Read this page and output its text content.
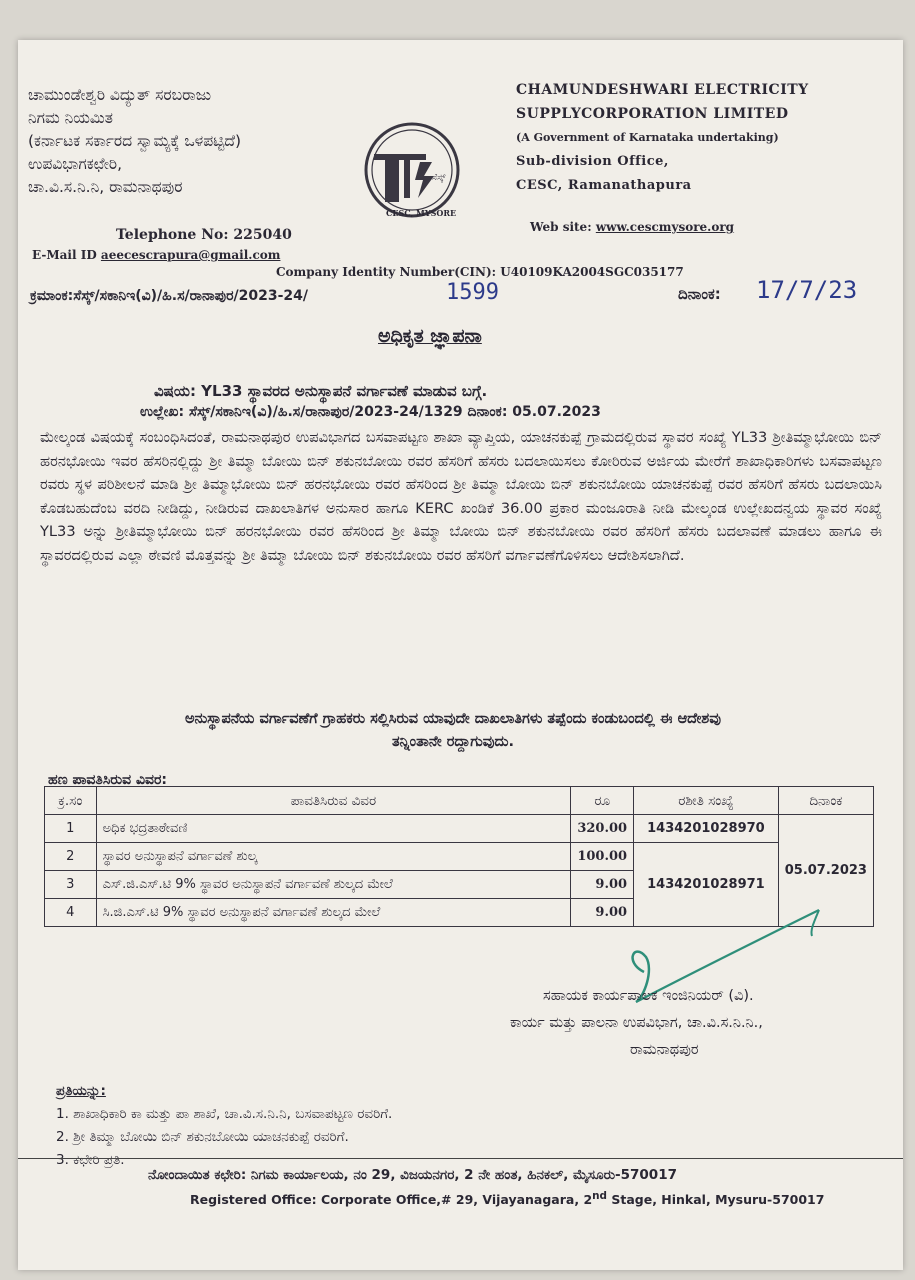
ಚಾಮುಂಡೇಶ್ವರಿ ವಿದ್ಯುತ್ ಸರಬರಾಜು
ನಿಗಮ ನಿಯಮಿತ
(ಕರ್ನಾಟಕ ಸರ್ಕಾರದ ಸ್ವಾಮ್ಯಕ್ಕೆ ಒಳಪಟ್ಟಿದೆ)
ಉಪವಿಭಾಗಕಛೇರಿ,
ಚಾ.ವಿ.ಸ.ನಿ.ನಿ, ರಾಮನಾಥಪುರ
Telephone No: 225040
E-Mail ID aeecescrapura@gmail.com
ಸೆಸ್ಕ್
CESC, MYSORE
CHAMUNDESHWARI ELECTRICITY
SUPPLYCORPORATION LIMITED
(A Government of Karnataka undertaking)
Sub-division Office,
CESC, Ramanathapura
Web site: www.cescmysore.org
Company Identity Number(CIN): U40109KA2004SGC035177
ಕ್ರಮಾಂಕ:ಸೆಸ್ಕ್/ಸಕಾನಿಇ(ವಿ)/ಹಿ.ಸ/ರಾನಾಪುರ/2023-24/	1599	ದಿನಾಂಕ: 17/7/23
ಅಧಿಕೃತ ಜ್ಞಾಪನಾ
ವಿಷಯ: YL33 ಸ್ಥಾವರದ ಅನುಸ್ಥಾಪನೆ ವರ್ಗಾವಣೆ ಮಾಡುವ ಬಗ್ಗೆ.
ಉಲ್ಲೇಖ: ಸೆಸ್ಕ್/ಸಕಾನಿಇ(ವಿ)/ಹಿ.ಸ/ರಾನಾಪುರ/2023-24/1329 ದಿನಾಂಕ: 05.07.2023
ಮೇಲ್ಕಂಡ ವಿಷಯಕ್ಕೆ ಸಂಬಂಧಿಸಿದಂತೆ, ರಾಮನಾಥಪುರ ಉಪವಿಭಾಗದ ಬಸವಾಪಟ್ಟಣ ಶಾಖಾ ವ್ಯಾಪ್ತಿಯ, ಯಾಚನಕುಪ್ಪೆ ಗ್ರಾಮದಲ್ಲಿರುವ ಸ್ಥಾವರ ಸಂಖ್ಯೆ YL33 ಶ್ರೀತಿಮ್ಮಾಭೋಯಿ ಬಿನ್ ಹರನಭೋಯಿ ಇವರ ಹೆಸರಿನಲ್ಲಿದ್ದು ಶ್ರೀ ತಿಮ್ಮಾ ಬೋಯಿ ಬಿನ್ ಶಕುನಬೋಯಿ ರವರ ಹೆಸರಿಗೆ ಹೆಸರು ಬದಲಾಯಿಸಲು ಕೋರಿರುವ ಅರ್ಜಿಯ ಮೇರೆಗೆ ಶಾಖಾಧಿಕಾರಿಗಳು ಬಸವಾಪಟ್ಟಣ ರವರು ಸ್ಥಳ ಪರಿಶೀಲನೆ ಮಾಡಿ ಶ್ರೀ ತಿಮ್ಮಾಭೋಯಿ ಬಿನ್ ಹರನಭೋಯಿ ರವರ ಹೆಸರಿಂದ ಶ್ರೀ ತಿಮ್ಮಾ ಬೋಯಿ ಬಿನ್ ಶಕುನಬೋಯಿ ಯಾಚನಕುಪ್ಪೆ ರವರ ಹೆಸರಿಗೆ ಹೆಸರು ಬದಲಾಯಿಸಿ ಕೊಡಬಹುದೆಂಬ ವರದಿ ನೀಡಿದ್ದು, ನೀಡಿರುವ ದಾಖಲಾತಿಗಳ ಅನುಸಾರ ಹಾಗೂ KERC ಖಂಡಿಕೆ 36.00 ಪ್ರಕಾರ ಮಂಜೂರಾತಿ ನೀಡಿ ಮೇಲ್ಕಂಡ ಉಲ್ಲೇಖದನ್ವಯ ಸ್ಥಾವರ ಸಂಖ್ಯೆ YL33 ಅನ್ನು ಶ್ರೀತಿಮ್ಮಾಭೋಯಿ ಬಿನ್ ಹರನಭೋಯಿ ರವರ ಹೆಸರಿಂದ ಶ್ರೀ ತಿಮ್ಮಾ ಬೋಯಿ ಬಿನ್ ಶಕುನಬೋಯಿ ರವರ ಹೆಸರಿಗೆ ಹೆಸರು ಬದಲಾವಣೆ ಮಾಡಲು ಹಾಗೂ ಈ ಸ್ಥಾವರದಲ್ಲಿರುವ ಎಲ್ಲಾ ಠೇವಣಿ ಮೊತ್ತವನ್ನು ಶ್ರೀ ತಿಮ್ಮಾ ಬೋಯಿ ಬಿನ್ ಶಕುನಬೋಯಿ ರವರ ಹೆಸರಿಗೆ ವರ್ಗಾವಣೆಗೊಳಿಸಲು ಆದೇಶಿಸಲಾಗಿದೆ.
ಅನುಸ್ಥಾಪನೆಯ ವರ್ಗಾವಣೆಗೆ ಗ್ರಾಹಕರು ಸಲ್ಲಿಸಿರುವ ಯಾವುದೇ ದಾಖಲಾತಿಗಳು ತಪ್ಪೆಂದು ಕಂಡುಬಂದಲ್ಲಿ ಈ ಆದೇಶವು
ತನ್ನಿಂತಾನೇ ರದ್ದಾಗುವುದು.
ಹಣ ಪಾವತಿಸಿರುವ ವಿವರ:
ಕ್ರ.ಸಂ	ಪಾವತಿಸಿರುವ ವಿವರ	ರೂ	ರಶೀತಿ ಸಂಖ್ಯೆ	ದಿನಾಂಕ
1	ಅಧಿಕ ಭದ್ರತಾಠೇವಣಿ	320.00	1434201028970	05.07.2023
2	ಸ್ಥಾವರ ಅನುಸ್ಥಾಪನೆ ವರ್ಗಾವಣೆ ಶುಲ್ಕ	100.00	1434201028971	
3	ಎಸ್.ಜಿ.ಎಸ್.ಟಿ 9% ಸ್ಥಾವರ ಅನುಸ್ಥಾಪನೆ ವರ್ಗಾವಣೆ ಶುಲ್ಕದ ಮೇಲೆ	9.00		
4	ಸಿ.ಜಿ.ಎಸ್.ಟಿ 9% ಸ್ಥಾವರ ಅನುಸ್ಥಾಪನೆ ವರ್ಗಾವಣೆ ಶುಲ್ಕದ ಮೇಲೆ	9.00		
ಸಹಾಯಕ ಕಾರ್ಯಪಾಲಕ ಇಂಜಿನಿಯರ್ (ವಿ).
ಕಾರ್ಯ ಮತ್ತು ಪಾಲನಾ ಉಪವಿಭಾಗ, ಚಾ.ವಿ.ಸ.ನಿ.ನಿ.,
ರಾಮನಾಥಪುರ
ಪ್ರತಿಯನ್ನು:
1. ಶಾಖಾಧಿಕಾರಿ ಕಾ ಮತ್ತು ಪಾ ಶಾಖೆ, ಚಾ.ವಿ.ಸ.ನಿ.ನಿ, ಬಸವಾಪಟ್ಟಣ ರವರಿಗೆ.
2. ಶ್ರೀ ತಿಮ್ಮಾ ಬೋಯಿ ಬಿನ್ ಶಕುನಬೋಯಿ ಯಾಚನಕುಪ್ಪೆ ರವರಿಗೆ.
3. ಕಛೇರಿ ಪ್ರತಿ.
ನೋಂದಾಯಿತ ಕಛೇರಿ: ನಿಗಮ ಕಾರ್ಯಾಲಯ, ನಂ 29, ವಿಜಯನಗರ, 2 ನೇ ಹಂತ, ಹಿನಕಲ್, ಮೈಸೂರು-570017
Registered Office: Corporate Office,# 29, Vijayanagara, 2nd Stage, Hinkal, Mysuru-570017
